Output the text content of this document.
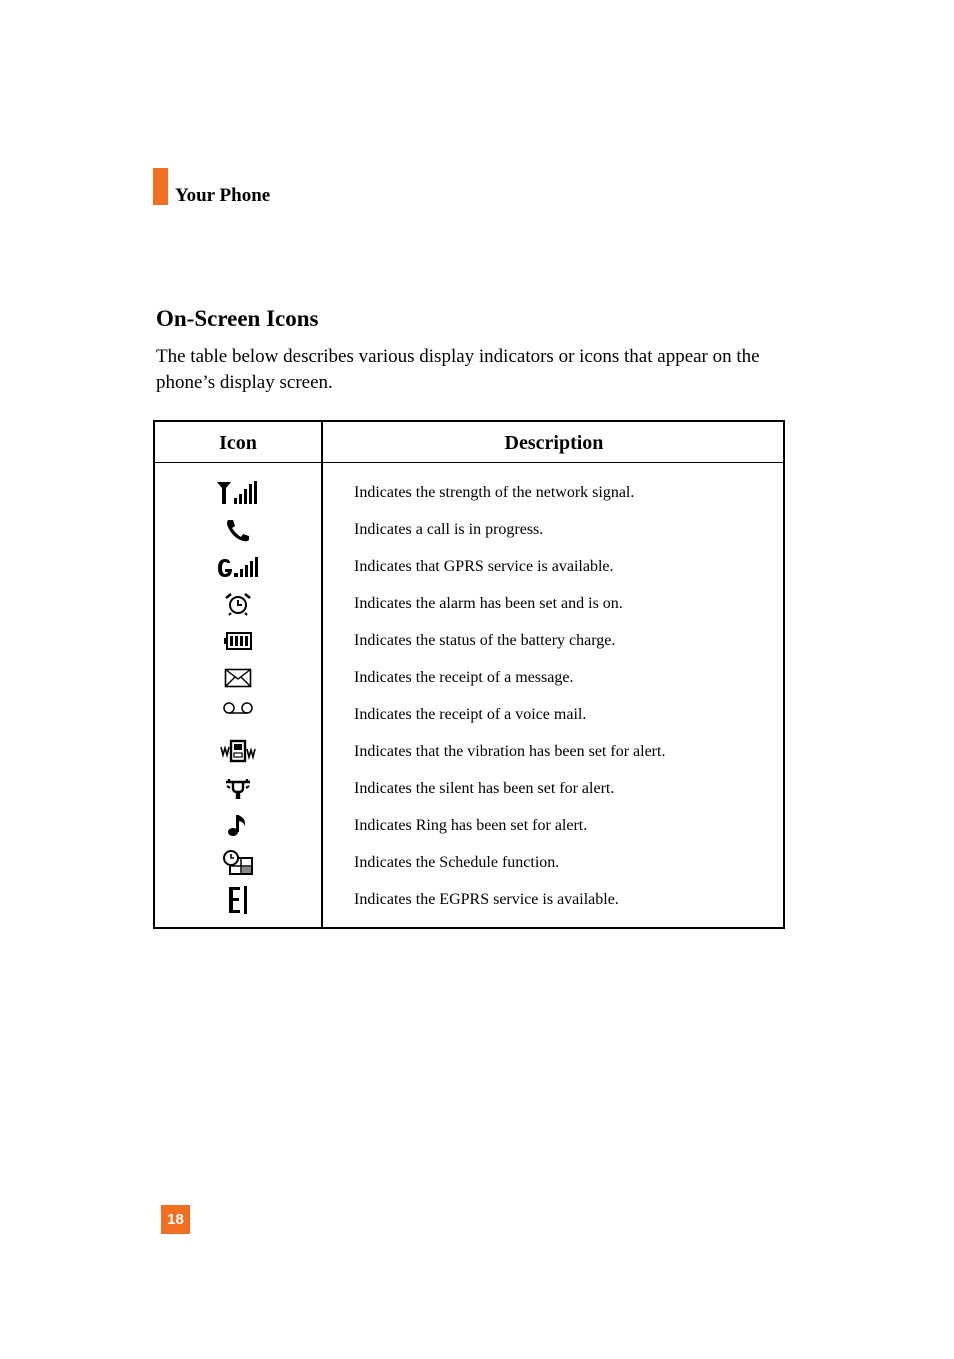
Your Phone
On-Screen Icons

The table below describes various display indicators or icons that appear on the phone’s display screen.

Icon	Description
Indicates the strength of the network signal.
Indicates a call is in progress.
Indicates that GPRS service is available.
Indicates the alarm has been set and is on.
Indicates the status of the battery charge.
Indicates the receipt of a message.
Indicates the receipt of a voice mail.
Indicates that the vibration has been set for alert.
Indicates the silent has been set for alert.
Indicates Ring has been set for alert.
Indicates the Schedule function.
Indicates the EGPRS service is available.
18
